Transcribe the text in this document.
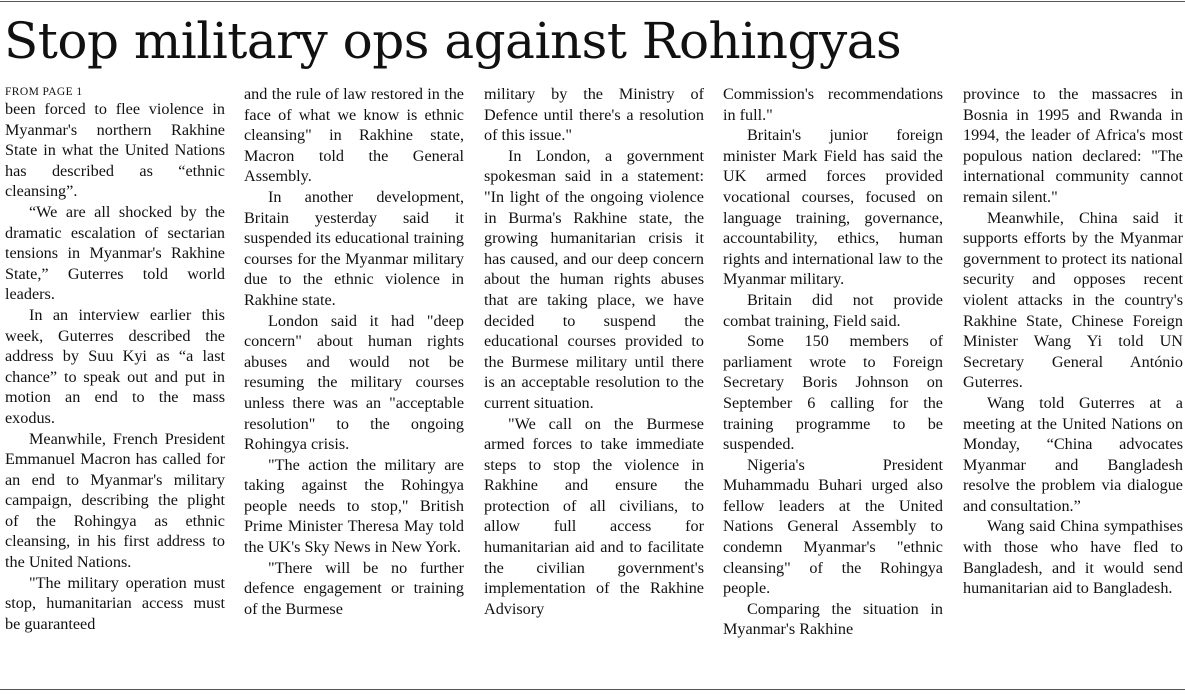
Stop military ops against Rohingyas
FROM PAGE 1

been forced to flee violence in Myanmar's northern Rakhine State in what the United Nations has described as “ethnic cleansing”.

“We are all shocked by the dramatic escalation of sectarian tensions in Myanmar's Rakhine State,” Guterres told world leaders.

In an interview earlier this week, Guterres described the address by Suu Kyi as “a last chance” to speak out and put in motion an end to the mass exodus.

Meanwhile, French President Emmanuel Macron has called for an end to Myanmar's military campaign, describing the plight of the Rohingya as ethnic cleansing, in his first address to the United Nations.

"The military operation must stop, humanitarian access must be guaranteed

and the rule of law restored in the face of what we know is ethnic cleansing" in Rakhine state, Macron told the General Assembly.

In another development, Britain yesterday said it suspended its educational training courses for the Myanmar military due to the ethnic violence in Rakhine state.

London said it had "deep concern" about human rights abuses and would not be resuming the military courses unless there was an "acceptable resolution" to the ongoing Rohingya crisis.

"The action the military are taking against the Rohingya people needs to stop," British Prime Minister Theresa May told the UK's Sky News in New York.

"There will be no further defence engagement or training of the Burmese

military by the Ministry of Defence until there's a resolution of this issue."

In London, a government spokesman said in a statement: "In light of the ongoing violence in Burma's Rakhine state, the growing humanitarian crisis it has caused, and our deep concern about the human rights abuses that are taking place, we have decided to suspend the educational courses provided to the Burmese military until there is an acceptable resolution to the current situation.

"We call on the Burmese armed forces to take immediate steps to stop the violence in Rakhine and ensure the protection of all civilians, to allow full access for humanitarian aid and to facilitate the civilian government's implementation of the Rakhine Advisory

Commission's recommendations in full."

Britain's junior foreign minister Mark Field has said the UK armed forces provided vocational courses, focused on language training, governance, accountability, ethics, human rights and international law to the Myanmar military.

Britain did not provide combat training, Field said.

Some 150 members of parliament wrote to Foreign Secretary Boris Johnson on September 6 calling for the training programme to be suspended.

Nigeria's President Muhammadu Buhari urged also fellow leaders at the United Nations General Assembly to condemn Myanmar's "ethnic cleansing" of the Rohingya people.

Comparing the situation in Myanmar's Rakhine

province to the massacres in Bosnia in 1995 and Rwanda in 1994, the leader of Africa's most populous nation declared: "The international community cannot remain silent."

Meanwhile, China said it supports efforts by the Myanmar government to protect its national security and opposes recent violent attacks in the country's Rakhine State, Chinese Foreign Minister Wang Yi told UN Secretary General António Guterres.

Wang told Guterres at a meeting at the United Nations on Monday, “China advocates Myanmar and Bangladesh resolve the problem via dialogue and consultation.”

Wang said China sympathises with those who have fled to Bangladesh, and it would send humanitarian aid to Bangladesh.
